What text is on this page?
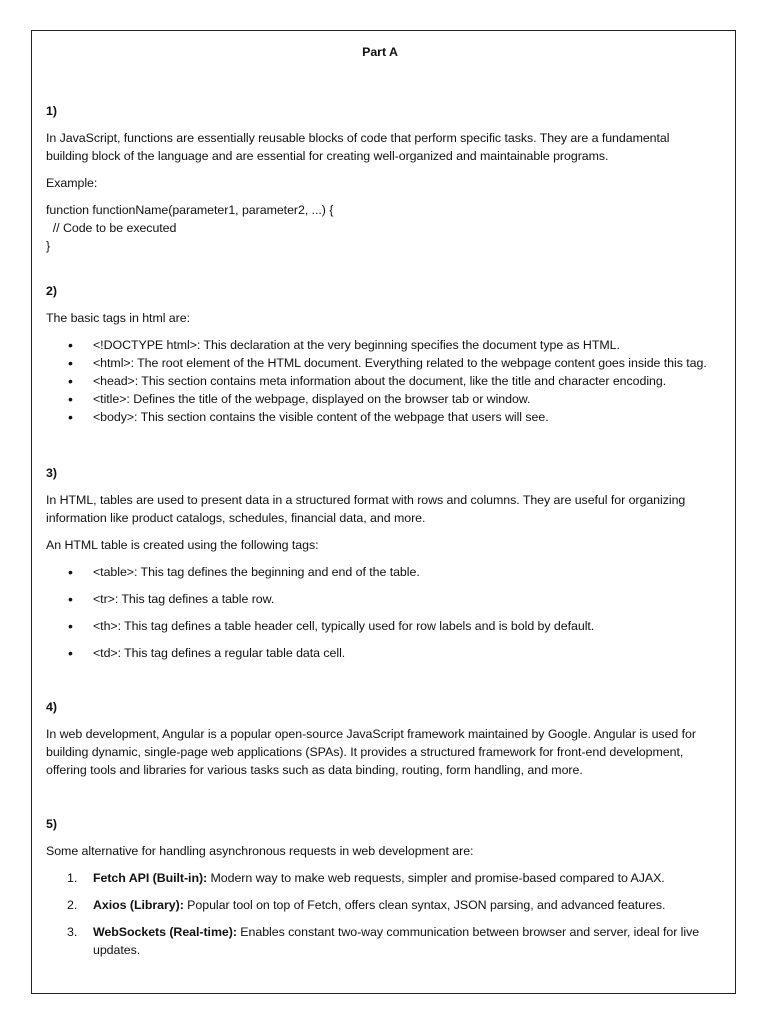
Part A
1)

In JavaScript, functions are essentially reusable blocks of code that perform specific tasks. They are a fundamental building block of the language and are essential for creating well-organized and maintainable programs.

Example:

function functionName(parameter1, parameter2, ...) {
// Code to be executed
}
2)

The basic tags in html are:

• <!DOCTYPE html>: This declaration at the very beginning specifies the document type as HTML.
• <html>: The root element of the HTML document. Everything related to the webpage content goes inside this tag.
• <head>: This section contains meta information about the document, like the title and character encoding.
• <title>: Defines the title of the webpage, displayed on the browser tab or window.
• <body>: This section contains the visible content of the webpage that users will see.
3)

In HTML, tables are used to present data in a structured format with rows and columns. They are useful for organizing information like product catalogs, schedules, financial data, and more.

An HTML table is created using the following tags:

• <table>: This tag defines the beginning and end of the table.
• <tr>: This tag defines a table row.
• <th>: This tag defines a table header cell, typically used for row labels and is bold by default.
• <td>: This tag defines a regular table data cell.
4)

In web development, Angular is a popular open-source JavaScript framework maintained by Google. Angular is used for building dynamic, single-page web applications (SPAs). It provides a structured framework for front-end development, offering tools and libraries for various tasks such as data binding, routing, form handling, and more.

5)

Some alternative for handling asynchronous requests in web development are:

1. Fetch API (Built-in): Modern way to make web requests, simpler and promise-based compared to AJAX.
2. Axios (Library): Popular tool on top of Fetch, offers clean syntax, JSON parsing, and advanced features.
3. WebSockets (Real-time): Enables constant two-way communication between browser and server, ideal for live updates.
